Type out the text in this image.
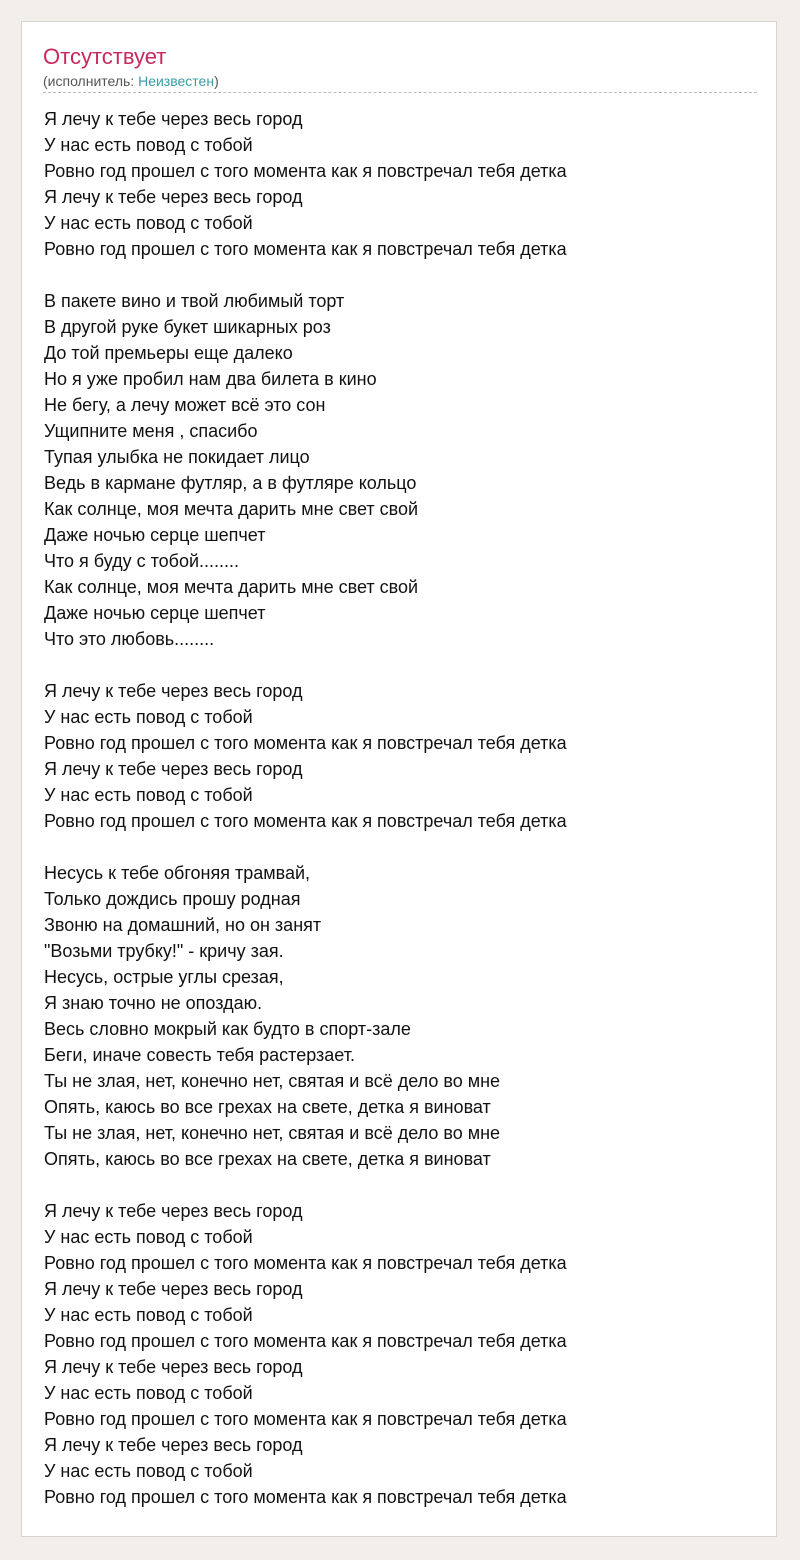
Отсутствует
(исполнитель: Неизвестен)
Я лечу к тебе через весь город
У нас есть повод с тобой
Ровно год прошел с того момента как я повстречал тебя детка
Я лечу к тебе через весь город
У нас есть повод с тобой
Ровно год прошел с того момента как я повстречал тебя детка
В пакете вино и твой любимый торт
В другой руке букет шикарных роз
До той премьеры еще далеко
Но я уже пробил нам два билета в кино
Не бегу, а лечу может всё это сон
Ущипните меня , спасибо
Тупая улыбка не покидает лицо
Ведь в кармане футляр, а в футляре кольцо
Как солнце, моя мечта дарить мне свет свой
Даже ночью серце шепчет
Что я буду с тобой........
Как солнце, моя мечта дарить мне свет свой
Даже ночью серце шепчет
Что это любовь........
Я лечу к тебе через весь город
У нас есть повод с тобой
Ровно год прошел с того момента как я повстречал тебя детка
Я лечу к тебе через весь город
У нас есть повод с тобой
Ровно год прошел с того момента как я повстречал тебя детка
Несусь к тебе обгоняя трамвай,
Только дождись прошу родная
Звоню на домашний, но он занят
"Возьми трубку!" - кричу зая.
Несусь, острые углы срезая,
Я знаю точно не опоздаю.
Весь словно мокрый как будто в спорт-зале
Беги, иначе совесть тебя растерзает.
Ты не злая, нет, конечно нет, святая и всё дело во мне
Опять, каюсь во все грехах на свете, детка я виноват
Ты не злая, нет, конечно нет, святая и всё дело во мне
Опять, каюсь во все грехах на свете, детка я виноват
Я лечу к тебе через весь город
У нас есть повод с тобой
Ровно год прошел с того момента как я повстречал тебя детка
Я лечу к тебе через весь город
У нас есть повод с тобой
Ровно год прошел с того момента как я повстречал тебя детка
Я лечу к тебе через весь город
У нас есть повод с тобой
Ровно год прошел с того момента как я повстречал тебя детка
Я лечу к тебе через весь город
У нас есть повод с тобой
Ровно год прошел с того момента как я повстречал тебя детка
